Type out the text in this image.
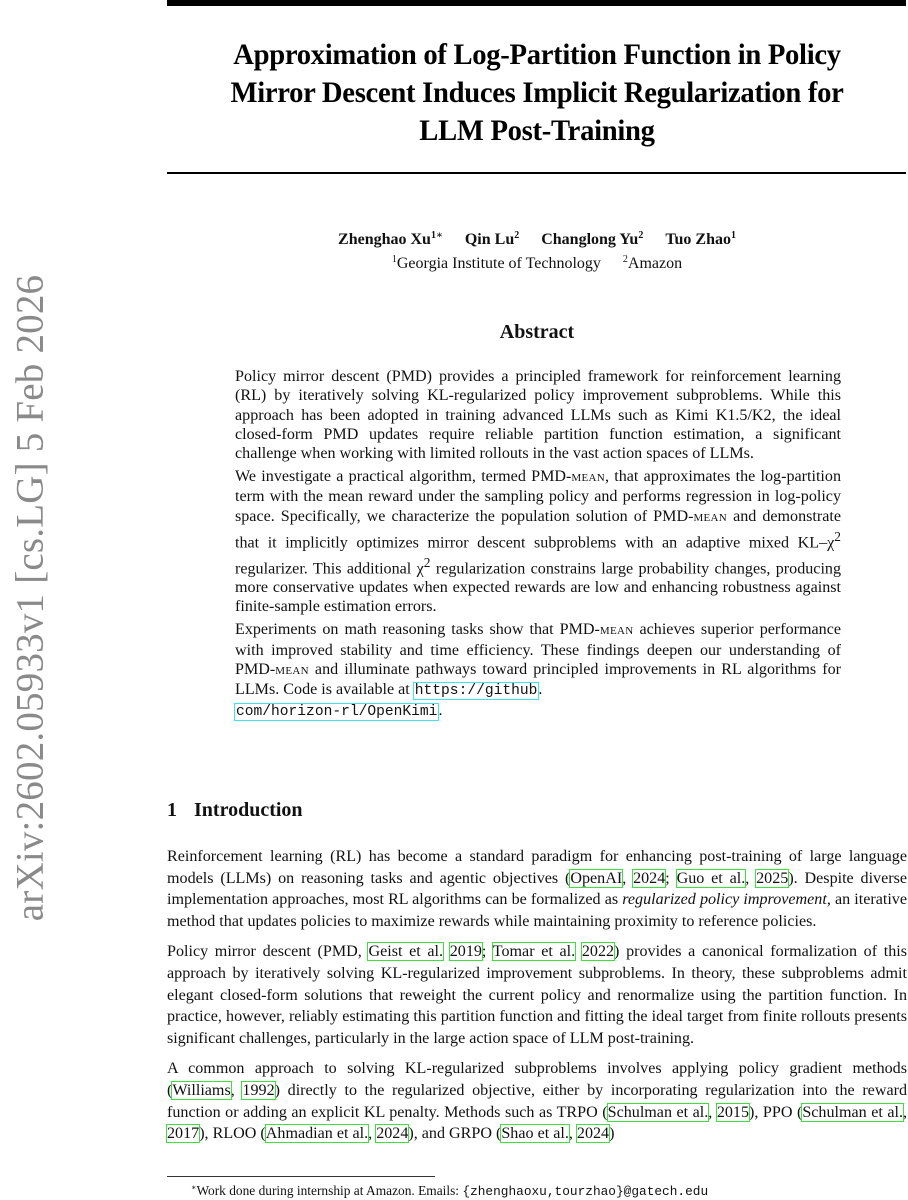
arXiv:2602.05933v1 [cs.LG] 5 Feb 2026
Approximation of Log-Partition Function in Policy
Mirror Descent Induces Implicit Regularization for
LLM Post-Training
Zhenghao $Xu^{1∗}$ Qin Lu$^2$ Changlong Yu$^2$ Tuo Zhao$^1$
$^1$Georgia Institute of Technology $^2$Amazon
Abstract

Policy mirror descent (PMD) provides a principled framework for reinforcement learning (RL) by iteratively solving KL-regularized policy improvement subproblems. While this approach has been adopted in training advanced LLMs such as Kimi K1.5/K2, the ideal closed-form PMD updates require reliable partition function estimation, a significant challenge when working with limited rollouts in the vast action spaces of LLMs.

We investigate a practical algorithm, termed PMD-mean, that approximates the log-partition term with the mean reward under the sampling policy and performs regression in log-policy space. Specifically, we characterize the population solution of PMD-mean and demonstrate that it implicitly optimizes mirror descent subproblems with an adaptive mixed $KL-\chi^2$ regularizer. This additional $\chi^2$ regularization constrains large probability changes, producing more conservative updates when expected rewards are low and enhancing robustness against finite-sample estimation errors.

Experiments on math reasoning tasks show that PMD-mean achieves superior performance with improved stability and time efficiency. These findings deepen our understanding of PMD-mean and illuminate pathways toward principled improvements in RL algorithms for LLMs. Code is available at https://github.
com/horizon-rl/OpenKimi.

1 Introduction

Reinforcement learning (RL) has become a standard paradigm for enhancing post-training of large language models (LLMs) on reasoning tasks and agentic objectives (OpenAI, 2024; Guo et al., 2025). Despite diverse implementation approaches, most RL algorithms can be formalized as regularized policy improvement, an iterative method that updates policies to maximize rewards while maintaining proximity to reference policies.

Policy mirror descent (PMD, Geist et al. 2019; Tomar et al. 2022) provides a canonical formalization of this approach by iteratively solving KL-regularized improvement subproblems. In theory, these subproblems admit elegant closed-form solutions that reweight the current policy and renormalize using the partition function. In practice, however, reliably estimating this partition function and fitting the ideal target from finite rollouts presents significant challenges, particularly in the large action space of LLM post-training.

A common approach to solving KL-regularized subproblems involves applying policy gradient methods (Williams, 1992) directly to the regularized objective, either by incorporating regularization into the reward function or adding an explicit KL penalty. Methods such as TRPO (Schulman et al., 2015), PPO (Schulman et al., 2017), RLOO (Ahmadian et al., 2024), and GRPO (Shao et al., 2024)

∗Work done during internship at Amazon. Emails: {zhenghaoxu,tourzhao}@gatech.edu
